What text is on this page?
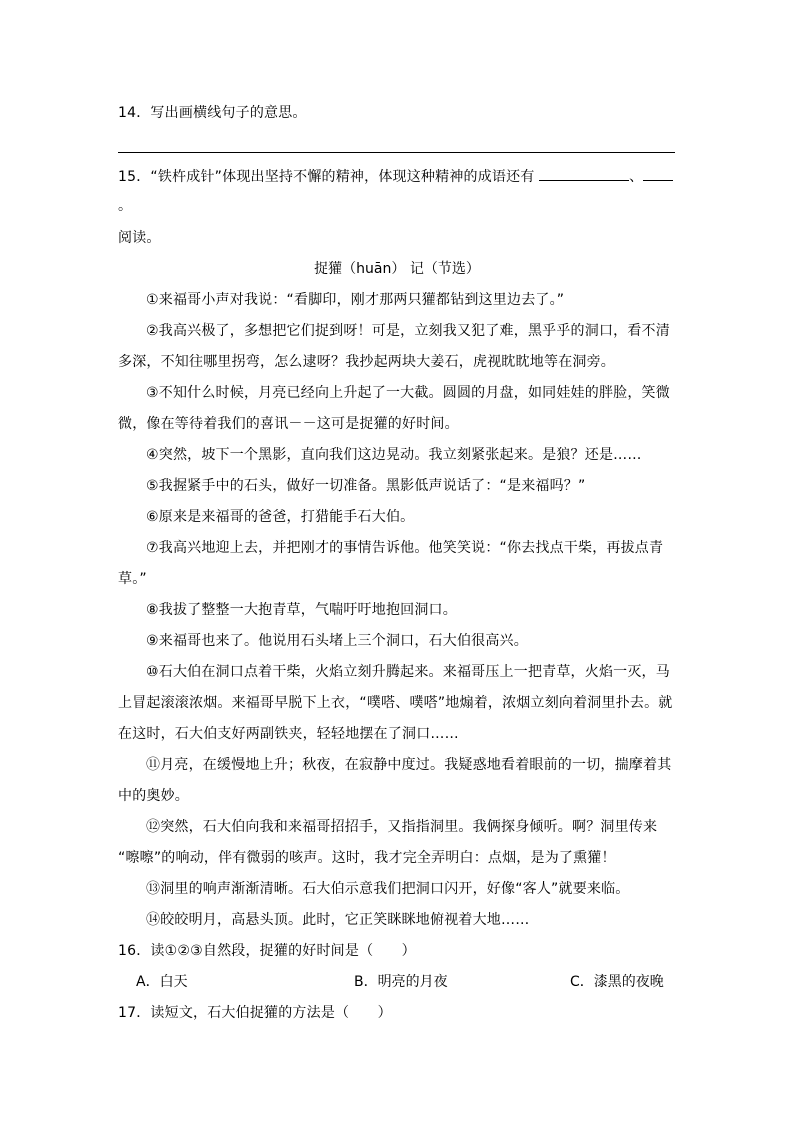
14．写出画横线句子的意思。
15．“铁杵成针”体现出坚持不懈的精神，体现这种精神的成语还有	、
。
阅读。
捉獾（huān） 记（节选）
①来福哥小声对我说：“看脚印，刚才那两只獾都钻到这里边去了。”
②我高兴极了，多想把它们捉到呀！可是，立刻我又犯了难，黑乎乎的洞口，看不清
多深，不知往哪里拐弯，怎么逮呀？我抄起两块大姜石，虎视眈眈地等在洞旁。
③不知什么时候，月亮已经向上升起了一大截。圆圆的月盘，如同娃娃的胖脸，笑微
微，像在等待着我们的喜讯－－这可是捉獾的好时间。
④突然，坡下一个黑影，直向我们这边晃动。我立刻紧张起来。是狼？还是……
⑤我握紧手中的石头，做好一切准备。黑影低声说话了：“是来福吗？”
⑥原来是来福哥的爸爸，打猎能手石大伯。
⑦我高兴地迎上去，并把刚才的事情告诉他。他笑笑说：“你去找点干柴，再拔点青
草。”
⑧我拔了整整一大抱青草，气喘吁吁地抱回洞口。
⑨来福哥也来了。他说用石头堵上三个洞口，石大伯很高兴。
⑩石大伯在洞口点着干柴，火焰立刻升腾起来。来福哥压上一把青草，火焰一灭，马
上冒起滚滚浓烟。来福哥早脱下上衣，“噗嗒、噗嗒”地煽着，浓烟立刻向着洞里扑去。就
在这时，石大伯支好两副铁夹，轻轻地摆在了洞口……
⑪月亮，在缓慢地上升；秋夜，在寂静中度过。我疑惑地看着眼前的一切，揣摩着其
中的奥妙。
⑫突然，石大伯向我和来福哥招招手，又指指洞里。我俩探身倾听。啊？洞里传来
“嚓嚓”的响动，伴有微弱的咳声。这时，我才完全弄明白：点烟，是为了熏獾！
⑬洞里的响声渐渐清晰。石大伯示意我们把洞口闪开，好像“客人”就要来临。
⑭皎皎明月，高悬头顶。此时，它正笑眯眯地俯视着大地……
16．读①②③自然段，捉獾的好时间是（　　）
A．白天	B．明亮的月夜	C．漆黑的夜晚
17．读短文，石大伯捉獾的方法是（　　）
